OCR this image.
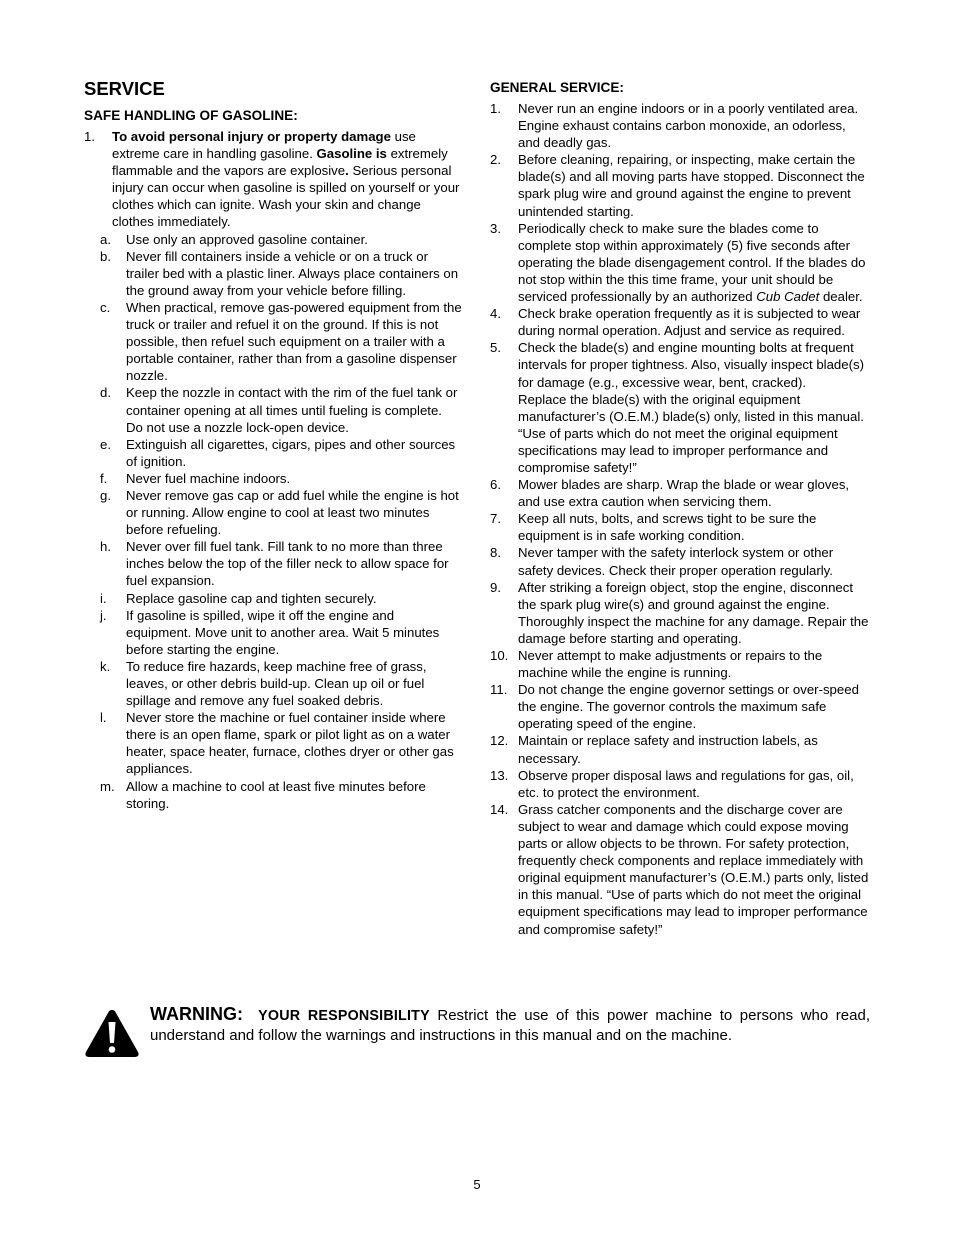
SERVICE
SAFE HANDLING OF GASOLINE:
1. To avoid personal injury or property damage use extreme care in handling gasoline. Gasoline is extremely flammable and the vapors are explosive. Serious personal injury can occur when gasoline is spilled on yourself or your clothes which can ignite. Wash your skin and change clothes immediately.
a. Use only an approved gasoline container.
b. Never fill containers inside a vehicle or on a truck or trailer bed with a plastic liner. Always place containers on the ground away from your vehicle before filling.
c. When practical, remove gas-powered equipment from the truck or trailer and refuel it on the ground. If this is not possible, then refuel such equipment on a trailer with a portable container, rather than from a gasoline dispenser nozzle.
d. Keep the nozzle in contact with the rim of the fuel tank or container opening at all times until fueling is complete. Do not use a nozzle lock-open device.
e. Extinguish all cigarettes, cigars, pipes and other sources of ignition.
f. Never fuel machine indoors.
g. Never remove gas cap or add fuel while the engine is hot or running. Allow engine to cool at least two minutes before refueling.
h. Never over fill fuel tank. Fill tank to no more than three inches below the top of the filler neck to allow space for fuel expansion.
i. Replace gasoline cap and tighten securely.
j. If gasoline is spilled, wipe it off the engine and equipment. Move unit to another area. Wait 5 minutes before starting the engine.
k. To reduce fire hazards, keep machine free of grass, leaves, or other debris build-up. Clean up oil or fuel spillage and remove any fuel soaked debris.
l. Never store the machine or fuel container inside where there is an open flame, spark or pilot light as on a water heater, space heater, furnace, clothes dryer or other gas appliances.
m. Allow a machine to cool at least five minutes before storing.
GENERAL SERVICE:
1.	Never run an engine indoors or in a poorly ventilated area. Engine exhaust contains carbon monoxide, an odorless, and deadly gas.
2.	Before cleaning, repairing, or inspecting, make certain the blade(s) and all moving parts have stopped. Disconnect the spark plug wire and ground against the engine to prevent unintended starting.
3.	Periodically check to make sure the blades come to complete stop within approximately (5) five seconds after operating the blade disengagement control. If the blades do not stop within the this time frame, your unit should be serviced professionally by an authorized Cub Cadet dealer.
4.	Check brake operation frequently as it is subjected to wear during normal operation. Adjust and service as required.
5.	Check the blade(s) and engine mounting bolts at frequent intervals for proper tightness. Also, visually inspect blade(s) for damage (e.g., excessive wear, bent, cracked).
Replace the blade(s) with the original equipment manufacturer’s (O.E.M.) blade(s) only, listed in this manual. “Use of parts which do not meet the original equipment specifications may lead to improper performance and compromise safety!”
6.	Mower blades are sharp. Wrap the blade or wear gloves, and use extra caution when servicing them.
7.	Keep all nuts, bolts, and screws tight to be sure the equipment is in safe working condition.
8.	Never tamper with the safety interlock system or other safety devices. Check their proper operation regularly.
9.	After striking a foreign object, stop the engine, disconnect the spark plug wire(s) and ground against the engine. Thoroughly inspect the machine for any damage. Repair the damage before starting and operating.
10. Never attempt to make adjustments or repairs to the machine while the engine is running.
11. Do not change the engine governor settings or over-speed the engine. The governor controls the maximum safe operating speed of the engine.
12. Maintain or replace safety and instruction labels, as necessary.
13. Observe proper disposal laws and regulations for gas, oil, etc. to protect the environment.
14. Grass catcher components and the discharge cover are subject to wear and damage which could expose moving parts or allow objects to be thrown. For safety protection, frequently check components and replace immediately with original equipment manufacturer’s (O.E.M.) parts only, listed in this manual. “Use of parts which do not meet the original equipment specifications may lead to improper performance and compromise safety!”
WARNING: YOUR RESPONSIBILITY Restrict the use of this power machine to persons who read, understand and follow the warnings and instructions in this manual and on the machine.
5
